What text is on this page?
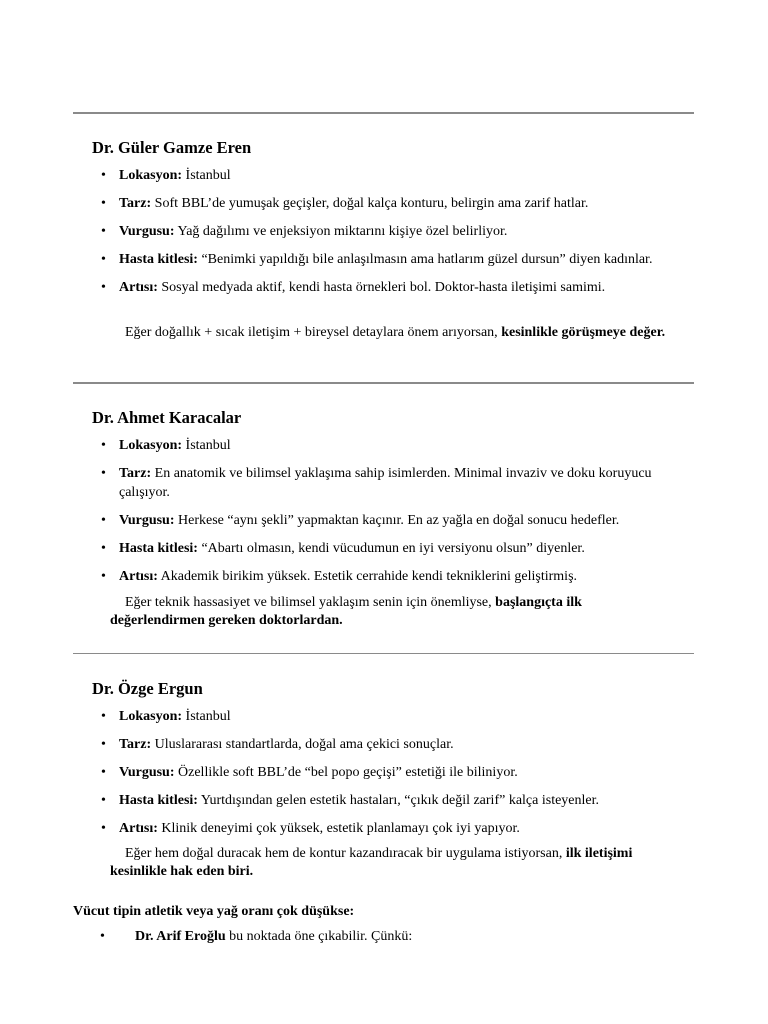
Dr. Güler Gamze Eren
• Lokasyon: İstanbul
• Tarz: Soft BBL’de yumuşak geçişler, doğal kalça konturu, belirgin ama zarif hatlar.
• Vurgusu: Yağ dağılımı ve enjeksiyon miktarını kişiye özel belirliyor.
• Hasta kitlesi: “Benimki yapıldığı bile anlaşılmasın ama hatlarım güzel dursun” diyen kadınlar.
• Artısı: Sosyal medyada aktif, kendi hasta örnekleri bol. Doktor-hasta iletişimi samimi.

Eğer doğallık + sıcak iletişim + bireysel detaylara önem arıyorsan, kesinlikle görüşmeye değer.

Dr. Ahmet Karacalar
• Lokasyon: İstanbul
• Tarz: En anatomik ve bilimsel yaklaşıma sahip isimlerden. Minimal invaziv ve doku koruyucu çalışıyor.
• Vurgusu: Herkese “aynı şekli” yapmaktan kaçınır. En az yağla en doğal sonucu hedefler.
• Hasta kitlesi: “Abartı olmasın, kendi vücudumun en iyi versiyonu olsun” diyenler.
• Artısı: Akademik birikim yüksek. Estetik cerrahide kendi tekniklerini geliştirmiş.

Eğer teknik hassasiyet ve bilimsel yaklaşım senin için önemliyse, başlangıçta ilk değerlendirmen gereken doktorlardan.

Dr. Özge Ergun
• Lokasyon: İstanbul
• Tarz: Uluslararası standartlarda, doğal ama çekici sonuçlar.
• Vurgusu: Özellikle soft BBL’de “bel popo geçişi” estetiği ile biliniyor.
• Hasta kitlesi: Yurtdışından gelen estetik hastaları, “çıkık değil zarif” kalça isteyenler.
• Artısı: Klinik deneyimi çok yüksek, estetik planlamayı çok iyi yapıyor.

Eğer hem doğal duracak hem de kontur kazandıracak bir uygulama istiyorsan, ilk iletişimi kesinlikle hak eden biri.

Vücut tipin atletik veya yağ oranı çok düşükse:

• Dr. Arif Eroğlu bu noktada öne çıkabilir. Çünkü:
